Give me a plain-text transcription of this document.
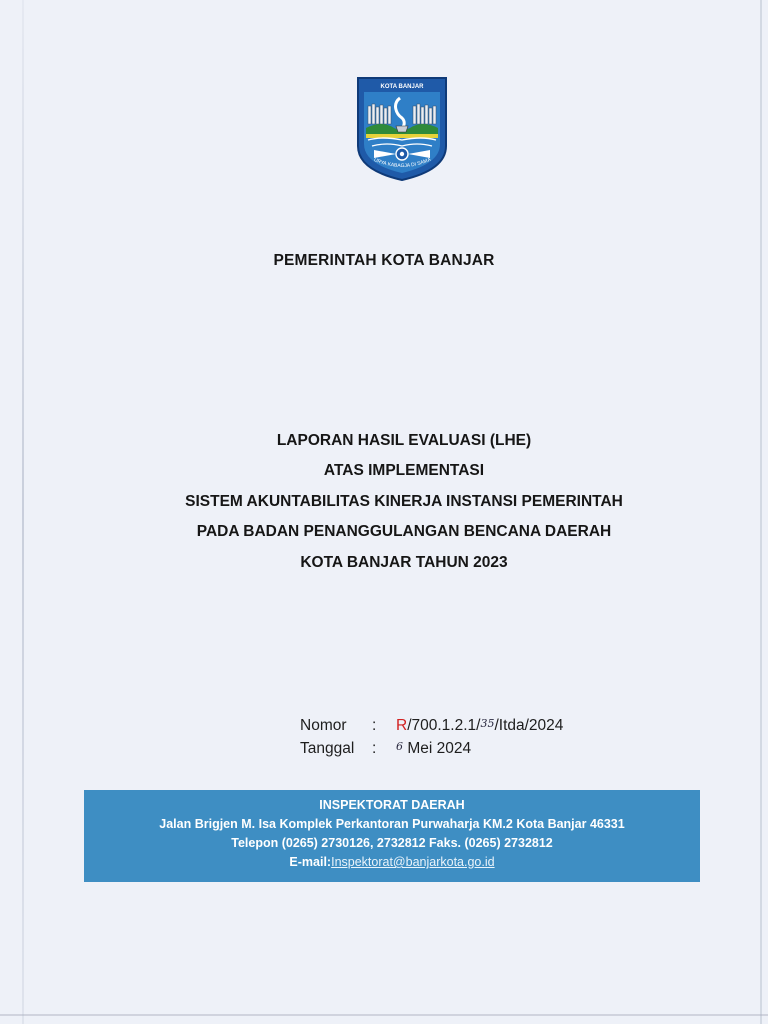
KOTA BANJAR
URYA KABAGJA DI SAMA
PEMERINTAH KOTA BANJAR
LAPORAN HASIL EVALUASI (LHE)
ATAS IMPLEMENTASI
SISTEM AKUNTABILITAS KINERJA INSTANSI PEMERINTAH
PADA BADAN PENANGGULANGAN BENCANA DAERAH
KOTA BANJAR TAHUN 2023
Nomor : R/700.1.2.1/35/Itda/2024
Tanggal : 6 Mei 2024
INSPEKTORAT DAERAH
Jalan Brigjen M. Isa Komplek Perkantoran Purwaharja KM.2 Kota Banjar 46331
Telepon (0265) 2730126, 2732812 Faks. (0265) 2732812
E-mail:Inspektorat@banjarkota.go.id
